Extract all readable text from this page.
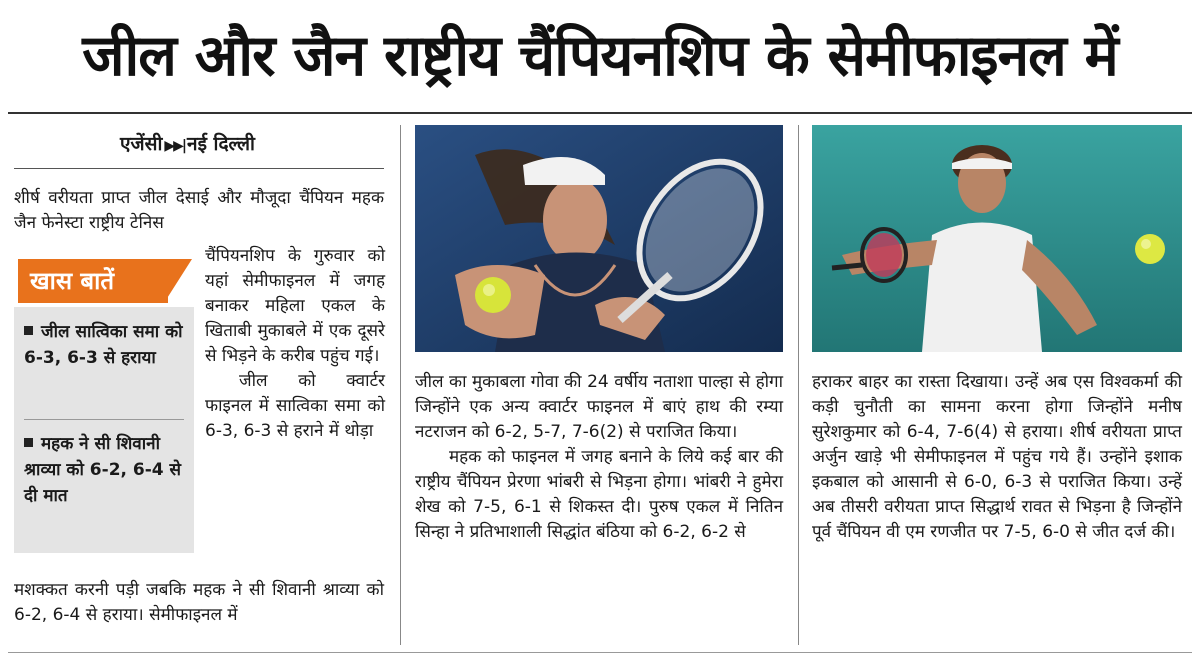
जील और जैन राष्ट्रीय चैंपियनशिप के सेमीफाइनल में
एजेंसी ▶▶| नई दिल्ली

शीर्ष वरीयता प्राप्त जील देसाई और मौजूदा चैंपियन महक जैन फेनेस्टा राष्ट्रीय टेनिस

खास बातें
जील सात्विका समा को 6-3, 6-3 से हराया
महक ने सी शिवानी श्राव्या को 6-2, 6-4 से दी मात

चैंपियनशिप के गुरुवार को यहां सेमीफाइनल में जगह बनाकर महिला एकल के खिताबी मुकाबले में एक दूसरे से भिड़ने के करीब पहुंच गई।

जील को क्वार्टर फाइनल में सात्विका समा को 6-3, 6-3 से हराने में थोड़ा

मशक्कत करनी पड़ी जबकि महक ने सी शिवानी श्राव्या को 6-2, 6-4 से हराया। सेमीफाइनल में

जील का मुकाबला गोवा की 24 वर्षीय नताशा पाल्हा से होगा जिन्होंने एक अन्य क्वार्टर फाइनल में बाएं हाथ की रम्या नटराजन को 6-2, 5-7, 7-6(2) से पराजित किया।

महक को फाइनल में जगह बनाने के लिये कई बार की राष्ट्रीय चैंपियन प्रेरणा भांबरी से भिड़ना होगा। भांबरी ने हुमेरा शेख को 7-5, 6-1 से शिकस्त दी। पुरुष एकल में नितिन सिन्हा ने प्रतिभाशाली सिद्धांत बंठिया को 6-2, 6-2 से

हराकर बाहर का रास्ता दिखाया। उन्हें अब एस विश्वकर्मा की कड़ी चुनौती का सामना करना होगा जिन्होंने मनीष सुरेशकुमार को 6-4, 7-6(4) से हराया। शीर्ष वरीयता प्राप्त अर्जुन खाड़े भी सेमीफाइनल में पहुंच गये हैं। उन्होंने इशाक इकबाल को आसानी से 6-0, 6-3 से पराजित किया। उन्हें अब तीसरी वरीयता प्राप्त सिद्धार्थ रावत से भिड़ना है जिन्होंने पूर्व चैंपियन वी एम रणजीत पर 7-5, 6-0 से जीत दर्ज की।
